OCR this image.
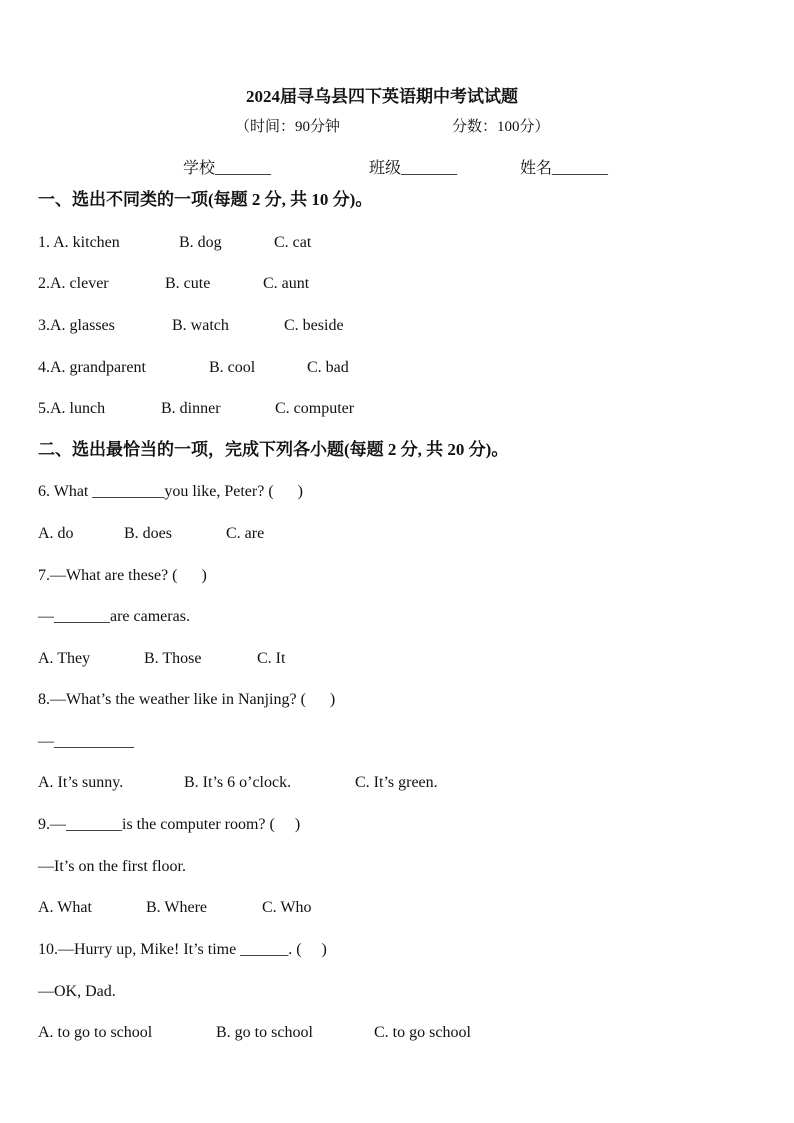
2024届寻乌县四下英语期中考试试题
（时间：90分钟	分数：100分）
学校_______	班级_______	姓名_______
一、选出不同类的一项(每题 2 分, 共 10 分)。
1. A. kitchen	B. dog	C. cat
2.A. clever	B. cute	C. aunt
3.A. glasses	B. watch	C. beside
4.A. grandparent	B. cool	C. bad
5.A. lunch	B. dinner	C. computer
二、选出最恰当的一项，完成下列各小题(每题 2 分, 共 20 分)。
6. What _________you like, Peter? (      )
A. do	B. does	C. are
7.—What are these? (      )
—_______are cameras.
A. They	B. Those	C. It
8.—What’s the weather like in Nanjing? (      )
—__________
A. It’s sunny.	B. It’s 6 o’clock.	C. It’s green.
9.—_______is the computer room? (     )
—It’s on the first floor.
A. What	B. Where	C. Who
10.—Hurry up, Mike! It’s time ______. (     )
—OK, Dad.
A. to go to school	B. go to school	C. to go school
